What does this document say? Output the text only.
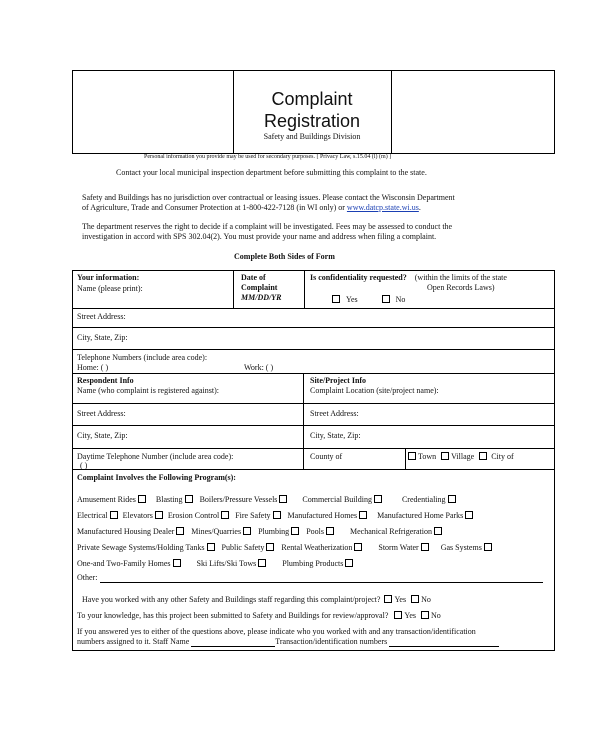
Complaint
Registration
Safety and Buildings Division
Personal information you provide may be used for secondary purposes. [ Privacy Law, s.15.04 (l) (m) ]
Contact your local municipal inspection department before submitting this complaint to the state.
Safety and Buildings has no jurisdiction over contractual or leasing issues. Please contact the Wisconsin Department
of Agriculture, Trade and Consumer Protection at 1-800-422-7128 (in WI only) or www.datcp.state.wi.us.
The department reserves the right to decide if a complaint will be investigated. Fees may be assessed to conduct the
investigation in accord with SPS 302.04(2). You must provide your name and address when filing a complaint.
Complete Both Sides of Form
Your information:
Name (please print):
Date of
Complaint
MM/DD/YR
Is confidentiality requested? (within the limits of the state
Open Records Laws)
Yes	No
Street Address:
City, State, Zip:
Telephone Numbers (include area code):
Home: ( )	Work: ( )
Respondent Info
Name (who complaint is registered against):
Site/Project Info
Complaint Location (site/project name):
Street Address:	Street Address:
City, State, Zip:	City, State, Zip:
Daytime Telephone Number (include area code):
( )
County of	Town Village City of
Complaint Involves the Following Program(s):
Amusement Rides	Blasting Boilers/Pressure Vessels	Commercial Building	Credentialing
Electrical Elevators Erosion Control Fire Safety Manufactured Homes	Manufactured Home Parks
Manufactured Housing Dealer Mines/Quarries Plumbing Pools	Mechanical Refrigeration
Private Sewage Systems/Holding Tanks Public Safety Rental Weatherization	Storm Water	Gas Systems
One-and Two-Family Homes	Ski Lifts/Ski Tows	Plumbing Products
Other:
Have you worked with any other Safety and Buildings staff regarding this complaint/project? Yes No
To your knowledge, has this project been submitted to Safety and Buildings for review/approval? Yes No
If you answered yes to either of the questions above, please indicate who you worked with and any transaction/identification
numbers assigned to it. Staff Name	Transaction/identification numbers
